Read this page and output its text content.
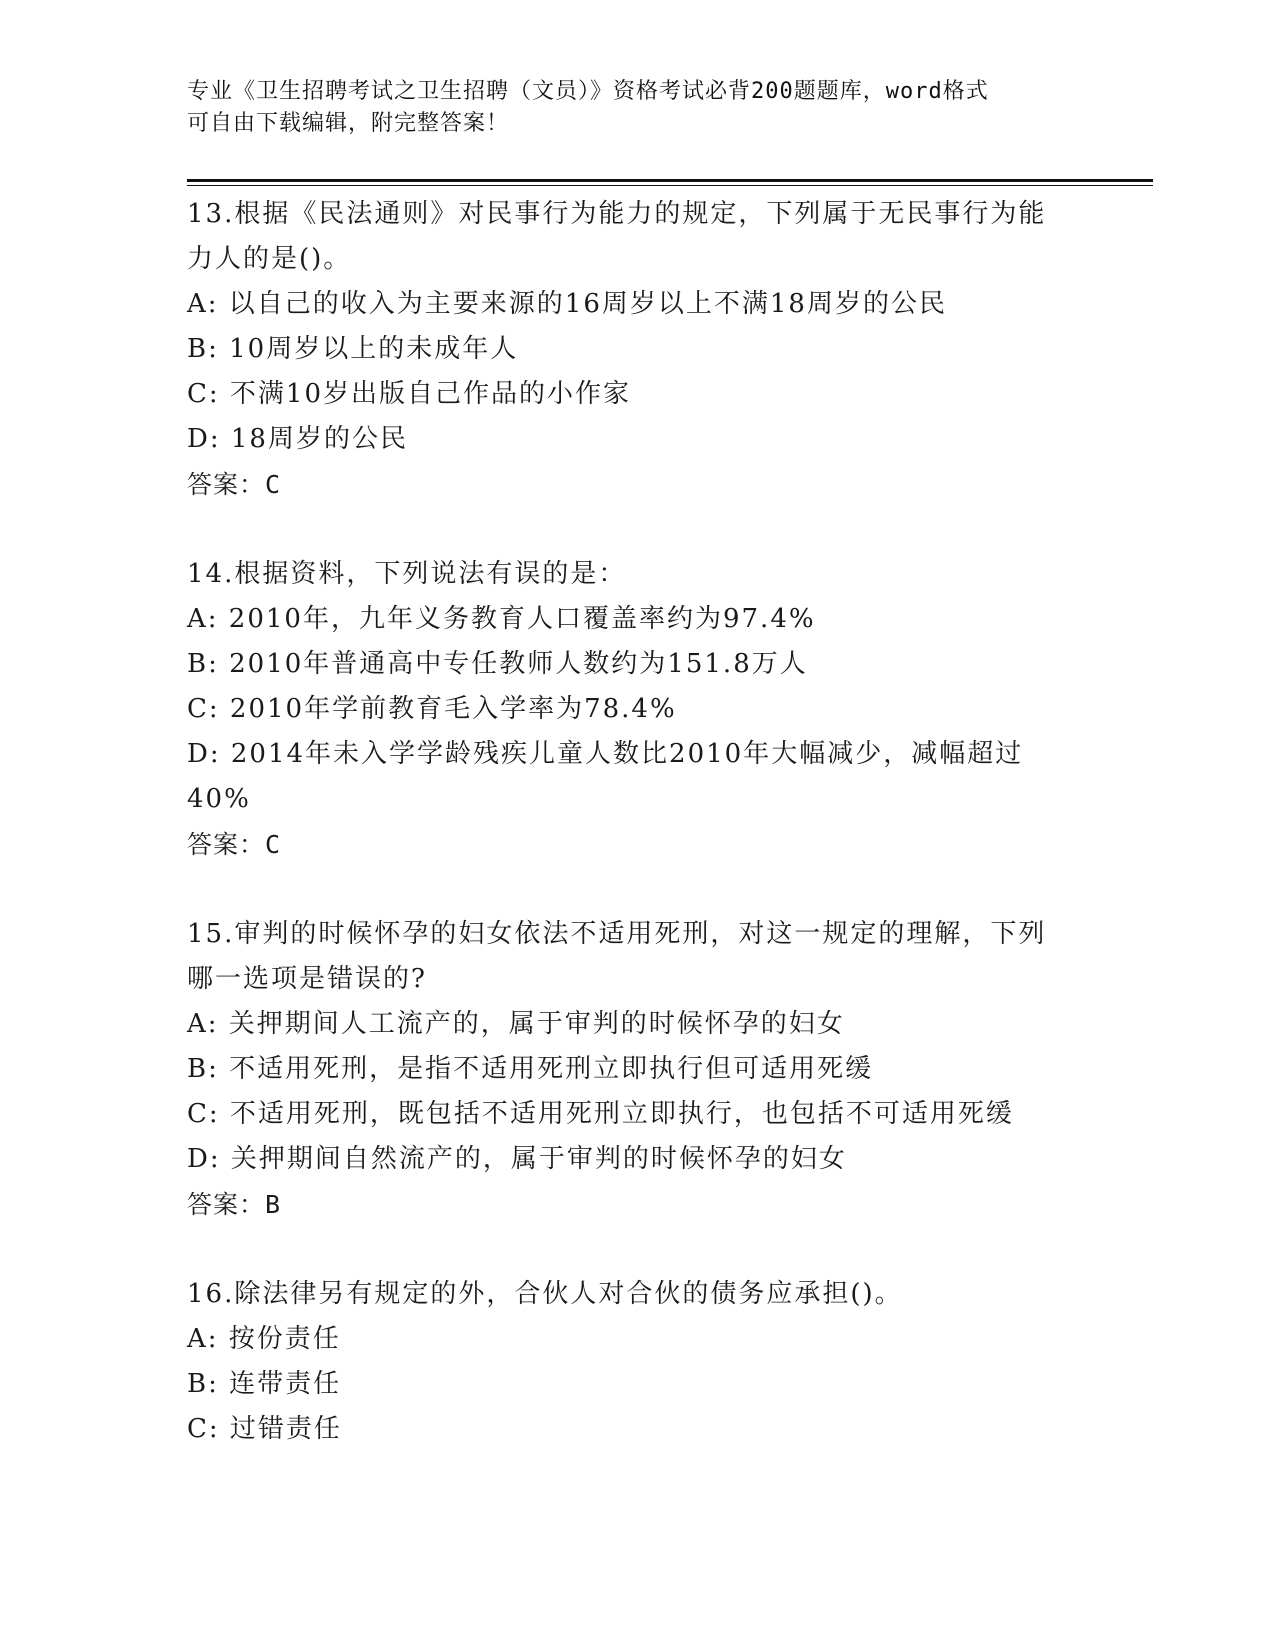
专业《卫生招聘考试之卫生招聘（文员）》资格考试必背200题题库，word格式
可自由下载编辑，附完整答案！
13.根据《民法通则》对民事行为能力的规定，下列属于无民事行为能
力人的是()。
A: 以自己的收入为主要来源的16周岁以上不满18周岁的公民
B: 10周岁以上的未成年人
C: 不满10岁出版自己作品的小作家
D: 18周岁的公民
答案：C
14.根据资料，下列说法有误的是：
A: 2010年，九年义务教育人口覆盖率约为97.4%
B: 2010年普通高中专任教师人数约为151.8万人
C: 2010年学前教育毛入学率为78.4%
D: 2014年未入学学龄残疾儿童人数比2010年大幅减少，减幅超过
40%
答案：C
15.审判的时候怀孕的妇女依法不适用死刑，对这一规定的理解，下列
哪一选项是错误的?
A: 关押期间人工流产的，属于审判的时候怀孕的妇女
B: 不适用死刑，是指不适用死刑立即执行但可适用死缓
C: 不适用死刑，既包括不适用死刑立即执行，也包括不可适用死缓
D: 关押期间自然流产的，属于审判的时候怀孕的妇女
答案：B
16.除法律另有规定的外，合伙人对合伙的债务应承担()。
A: 按份责任
B: 连带责任
C: 过错责任
